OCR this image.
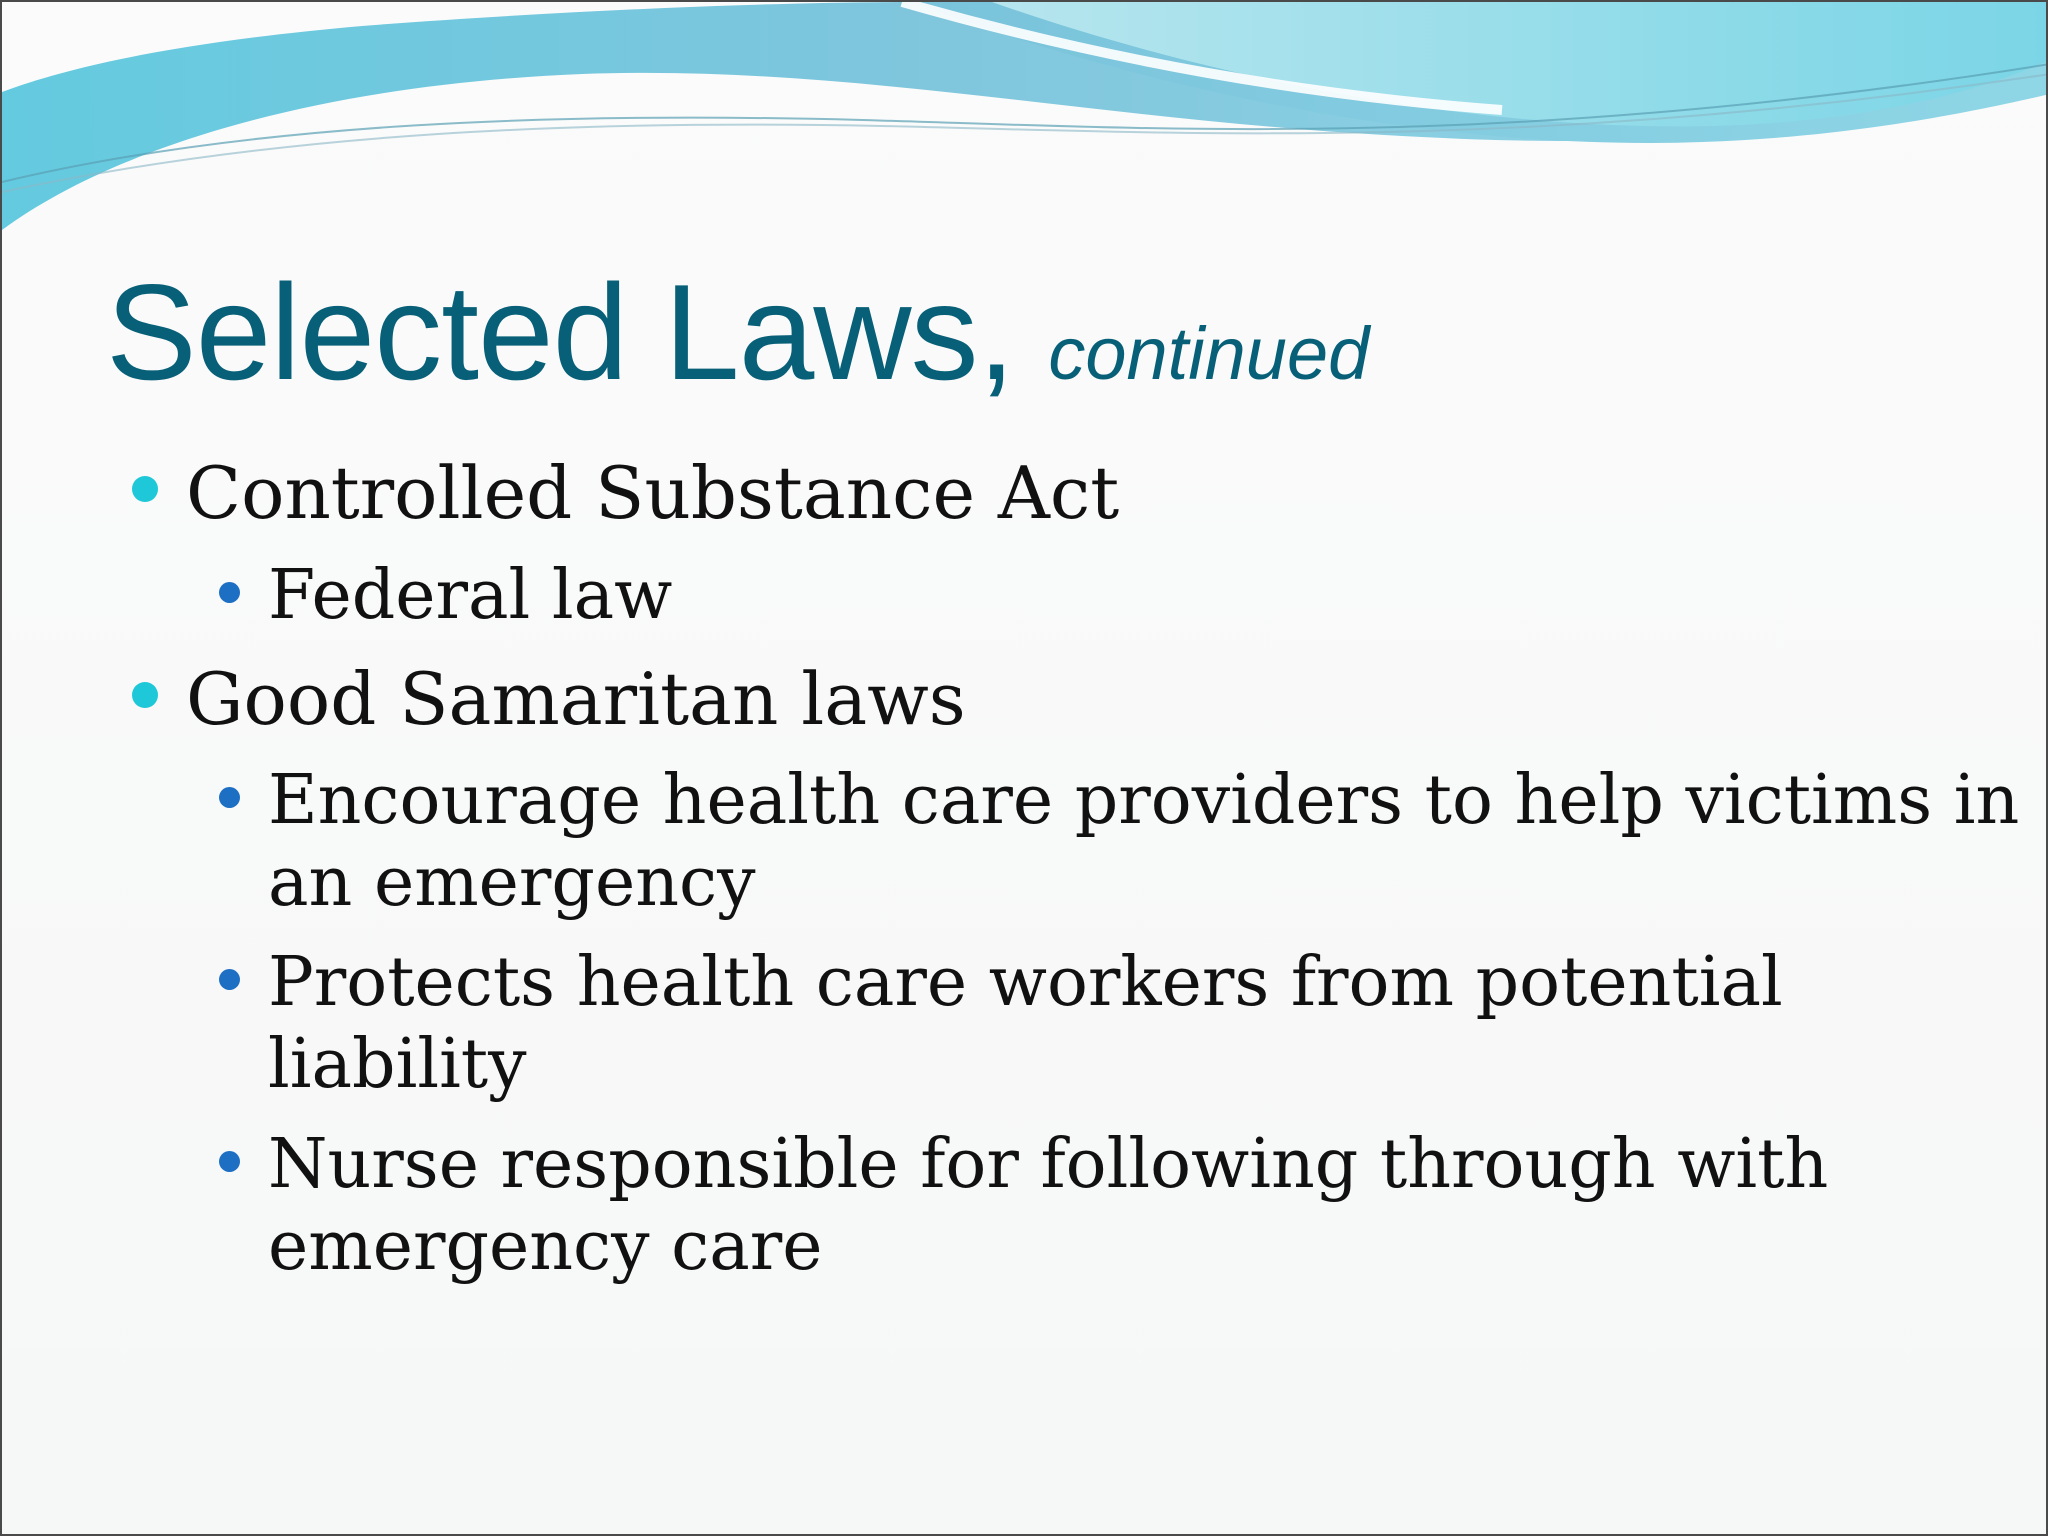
Selected Laws, continued
Controlled Substance Act
Federal law
Good Samaritan laws
Encourage health care providers to help victims in
an emergency
Protects health care workers from potential
liability
Nurse responsible for following through with
emergency care
